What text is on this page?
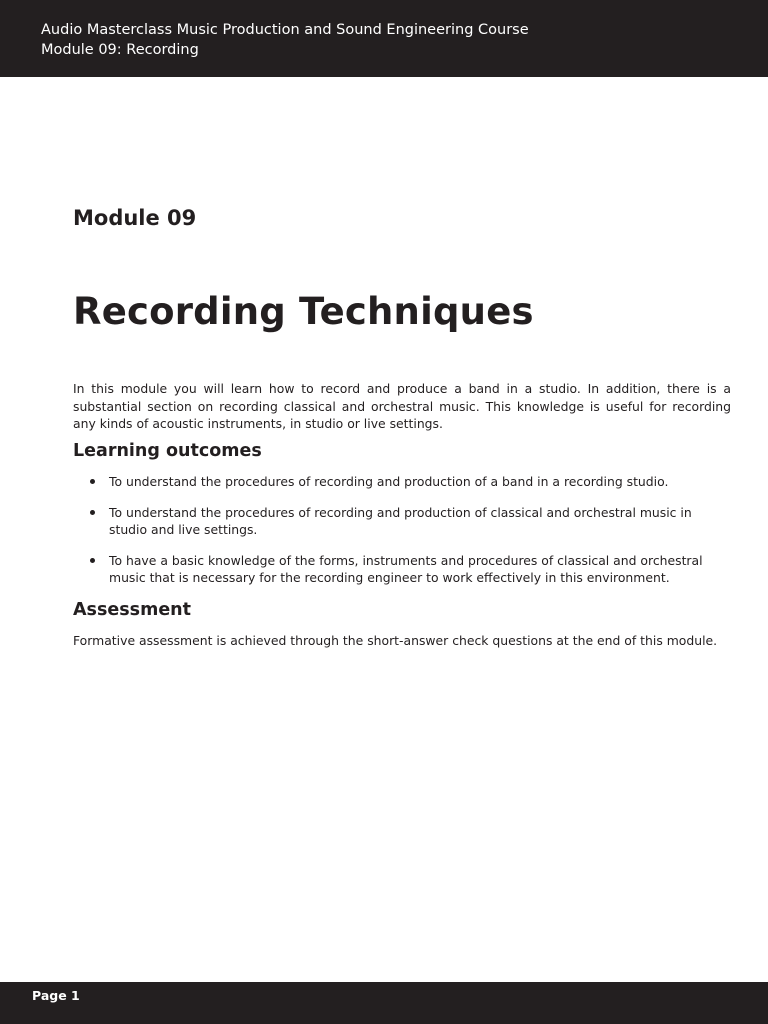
Audio Masterclass Music Production and Sound Engineering Course
Module 09: Recording
Module 09
Recording Techniques

In this module you will learn how to record and produce a band in a studio. In addition, there is a substantial section on recording classical and orchestral music. This knowledge is useful for recording any kinds of acoustic instruments, in studio or live settings.

Learning outcomes
To understand the procedures of recording and production of a band in a recording studio.
To understand the procedures of recording and production of classical and orchestral music in studio and live settings.
To have a basic knowledge of the forms, instruments and procedures of classical and orchestral music that is necessary for the recording engineer to work effectively in this environment.
Assessment

Formative assessment is achieved through the short-answer check questions at the end of this module.

Page 1
